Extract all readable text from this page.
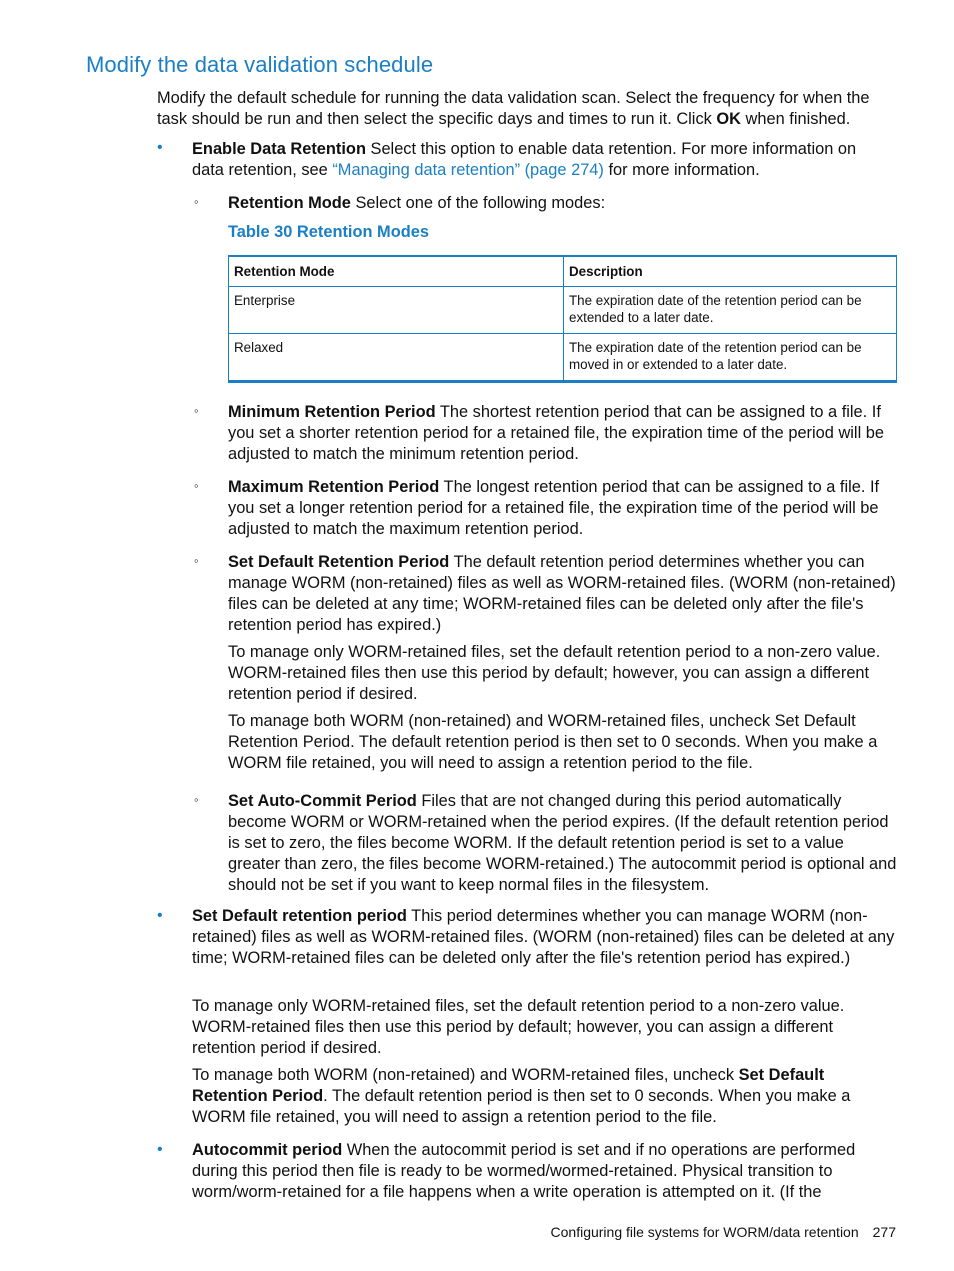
Modify the data validation schedule

Modify the default schedule for running the data validation scan. Select the frequency for when the task should be run and then select the specific days and times to run it. Click OK when finished.

• Enable Data Retention Select this option to enable data retention. For more information on data retention, see “Managing data retention” (page 274) for more information.

◦ Retention Mode Select one of the following modes:

Table 30 Retention Modes

Retention Mode	Description
Enterprise	The expiration date of the retention period can be extended to a later date.
Relaxed	The expiration date of the retention period can be moved in or extended to a later date.
◦ Minimum Retention Period The shortest retention period that can be assigned to a file. If you set a shorter retention period for a retained file, the expiration time of the period will be adjusted to match the minimum retention period.

◦ Maximum Retention Period The longest retention period that can be assigned to a file. If you set a longer retention period for a retained file, the expiration time of the period will be adjusted to match the maximum retention period.

◦ Set Default Retention Period The default retention period determines whether you can manage WORM (non-retained) files as well as WORM-retained files. (WORM (non-retained) files can be deleted at any time; WORM-retained files can be deleted only after the file's retention period has expired.)

To manage only WORM-retained files, set the default retention period to a non-zero value. WORM-retained files then use this period by default; however, you can assign a different retention period if desired.

To manage both WORM (non-retained) and WORM-retained files, uncheck Set Default Retention Period. The default retention period is then set to 0 seconds. When you make a WORM file retained, you will need to assign a retention period to the file.

◦ Set Auto-Commit Period Files that are not changed during this period automatically become WORM or WORM-retained when the period expires. (If the default retention period is set to zero, the files become WORM. If the default retention period is set to a value greater than zero, the files become WORM-retained.) The autocommit period is optional and should not be set if you want to keep normal files in the filesystem.

• Set Default retention period This period determines whether you can manage WORM (non-retained) files as well as WORM-retained files. (WORM (non-retained) files can be deleted at any time; WORM-retained files can be deleted only after the file's retention period has expired.)

To manage only WORM-retained files, set the default retention period to a non-zero value. WORM-retained files then use this period by default; however, you can assign a different retention period if desired.

To manage both WORM (non-retained) and WORM-retained files, uncheck Set Default Retention Period. The default retention period is then set to 0 seconds. When you make a WORM file retained, you will need to assign a retention period to the file.

• Autocommit period When the autocommit period is set and if no operations are performed during this period then file is ready to be wormed/wormed-retained. Physical transition to worm/worm-retained for a file happens when a write operation is attempted on it. (If the

Configuring file systems for WORM/data retention 277
